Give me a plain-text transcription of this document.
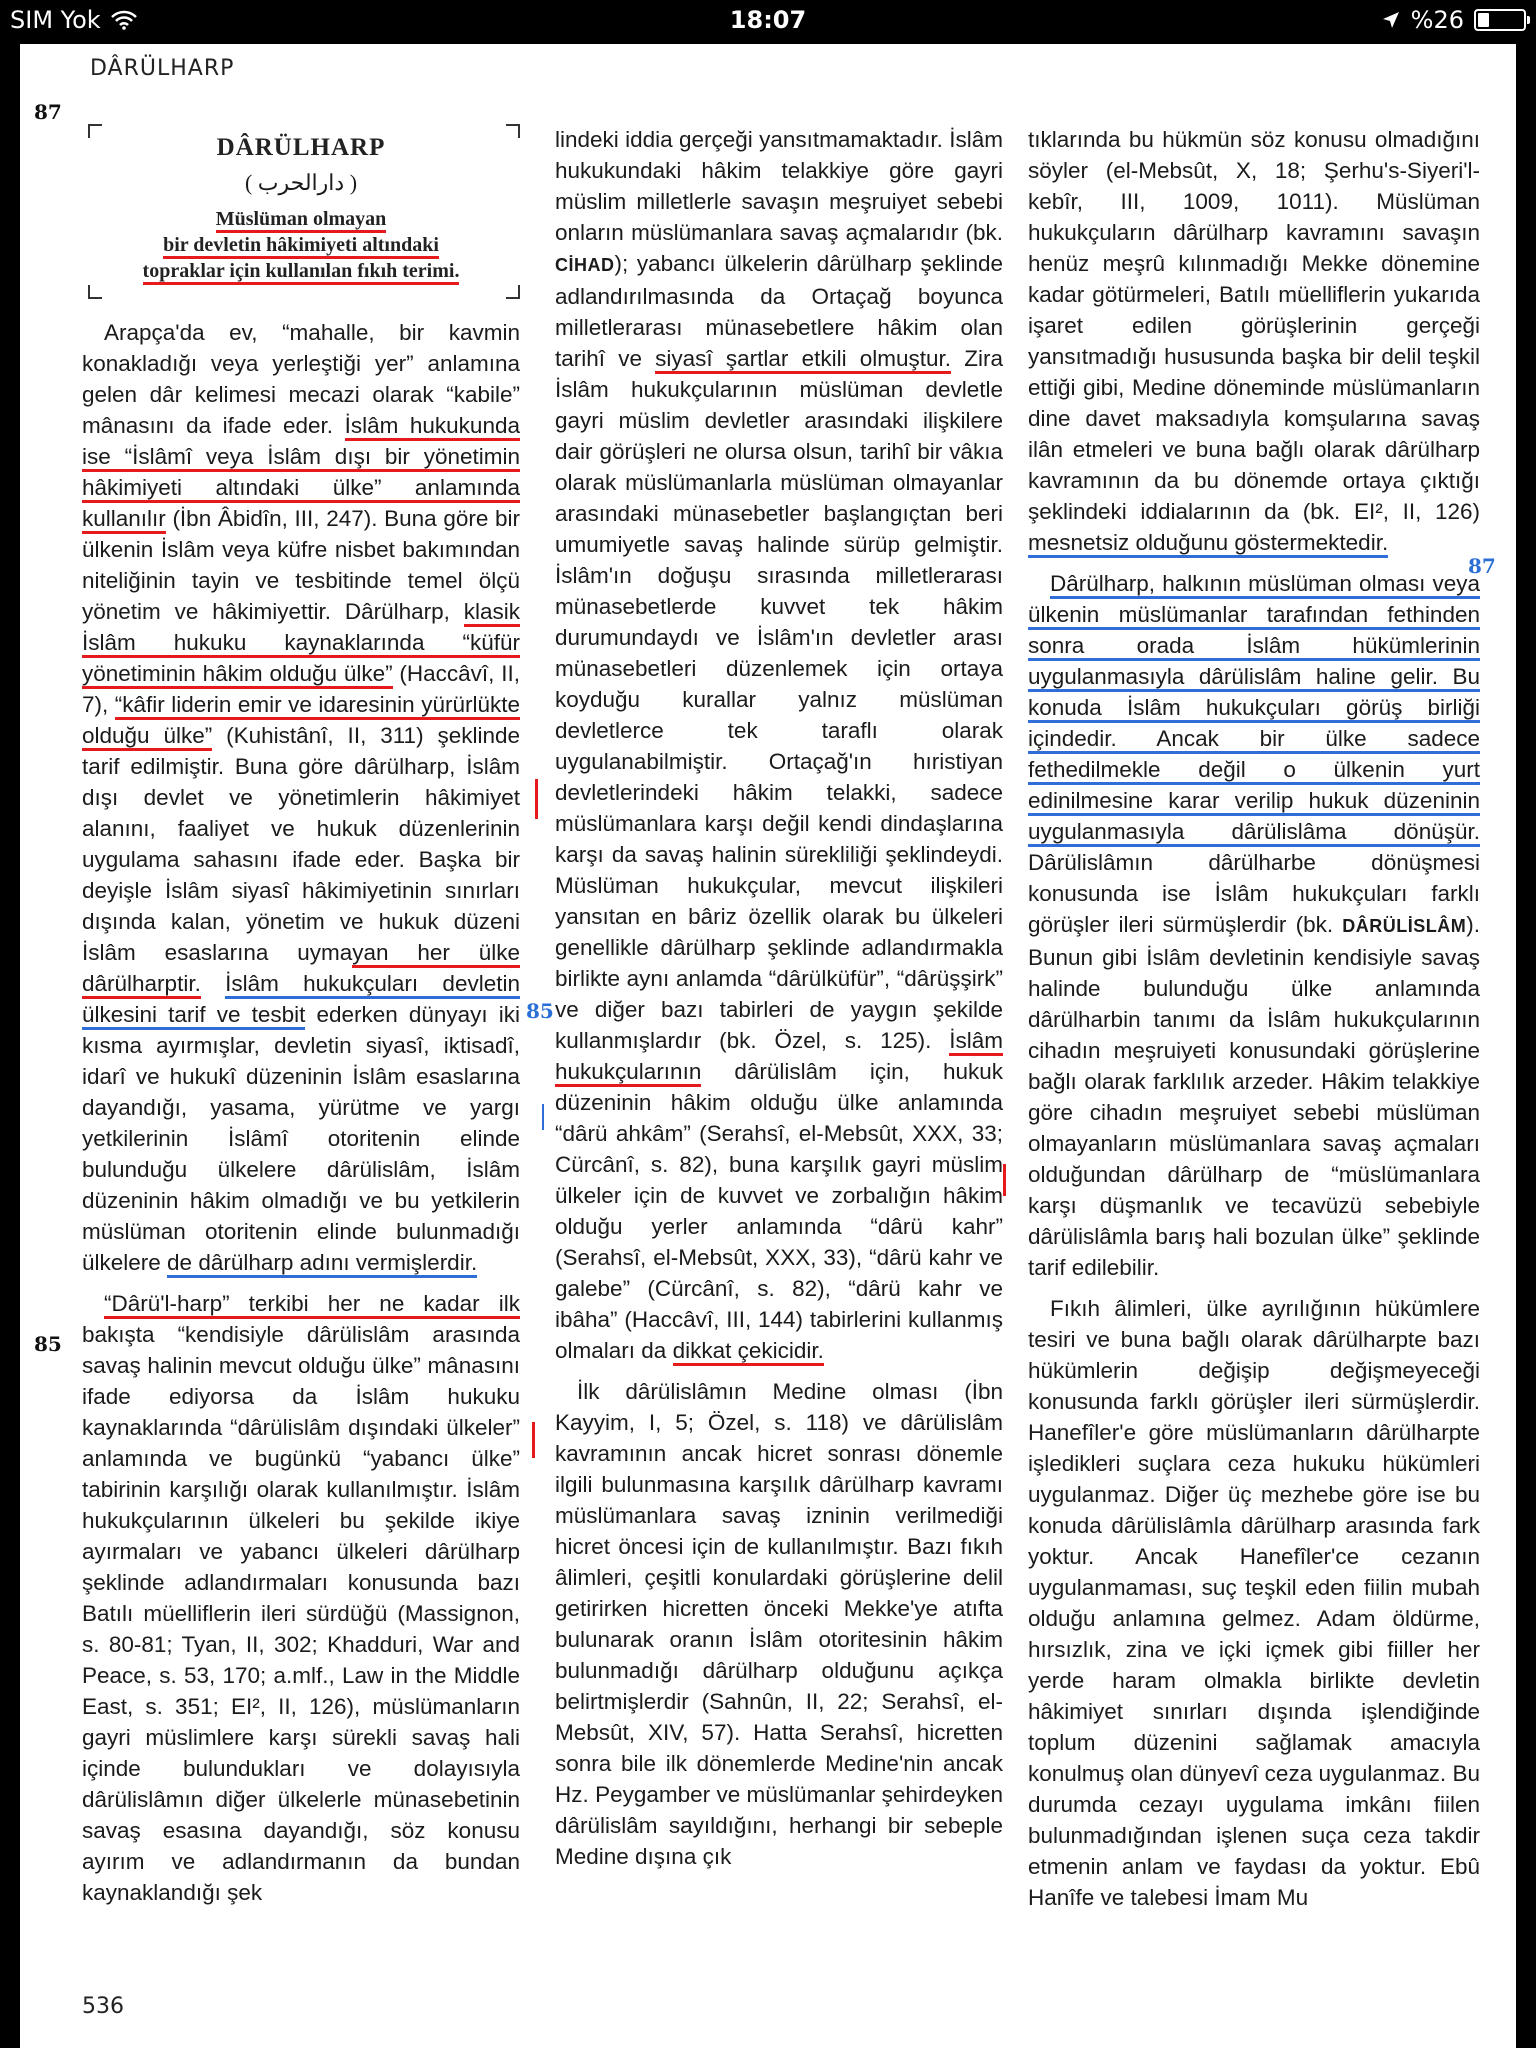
SIM Yok	18:07	%26
DÂRÜLHARP
87
87
85
85
DÂRÜLHARP
( دارالحرب )
Müslüman olmayan
bir devletin hâkimiyeti altındaki
topraklar için kullanılan fıkıh terimi.

Arapça'da ev, “mahalle, bir kavmin konakladığı veya yerleştiği yer” anlamına gelen dâr kelimesi mecazi olarak “kabile” mânasını da ifade eder. İslâm hukukunda ise “İslâmî veya İslâm dışı bir yönetimin hâkimiyeti altındaki ülke” anlamında kullanılır (İbn Âbidîn, III, 247). Buna göre bir ülkenin İslâm veya küfre nisbet bakımından niteliğinin tayin ve tesbitinde temel ölçü yönetim ve hâkimiyettir. Dârülharp, klasik İslâm hukuku kaynaklarında “küfür yönetiminin hâkim olduğu ülke” (Haccâvî, II, 7), “kâfir liderin emir ve idaresinin yürürlükte olduğu ülke” (Kuhistânî, II, 311) şeklinde tarif edilmiştir. Buna göre dârülharp, İslâm dışı devlet ve yönetimlerin hâkimiyet alanını, faaliyet ve hukuk düzenlerinin uygulama sahasını ifade eder. Başka bir deyişle İslâm siyasî hâkimiyetinin sınırları dışında kalan, yönetim ve hukuk düzeni İslâm esaslarına uymayan her ülke dârülharptir. İslâm hukukçuları devletin ülkesini tarif ve tesbit ederken dünyayı iki kısma ayırmışlar, devletin siyasî, iktisadî, idarî ve hukukî düzeninin İslâm esaslarına dayandığı, yasama, yürütme ve yargı yetkilerinin İslâmî otoritenin elinde bulunduğu ülkelere dârülislâm, İslâm düzeninin hâkim olmadığı ve bu yetkilerin müslüman otoritenin elinde bulunmadığı ülkelere de dârülharp adını vermişlerdir.

“Dârü'l-harp” terkibi her ne kadar ilk bakışta “kendisiyle dârülislâm arasında savaş halinin mevcut olduğu ülke” mânasını ifade ediyorsa da İslâm hukuku kaynaklarında “dârülislâm dışındaki ülkeler” anlamında ve bugünkü “yabancı ülke” tabirinin karşılığı olarak kullanılmıştır. İslâm hukukçularının ülkeleri bu şekilde ikiye ayırmaları ve yabancı ülkeleri dârülharp şeklinde adlandırmaları konusunda bazı Batılı müelliflerin ileri sürdüğü (Massignon, s. 80-81; Tyan, II, 302; Khadduri, War and Peace, s. 53, 170; a.mlf., Law in the Middle East, s. 351; EI², II, 126), müslümanların gayri müslimlere karşı sürekli savaş hali içinde bulundukları ve dolayısıyla dârülislâmın diğer ülkelerle münasebetinin savaş esasına dayandığı, söz konusu ayırım ve adlandırmanın da bundan kaynaklandığı şek

lindeki iddia gerçeği yansıtmamaktadır. İslâm hukukundaki hâkim telakkiye göre gayri müslim milletlerle savaşın meşruiyet sebebi onların müslümanlara savaş açmalarıdır (bk. CİHAD); yabancı ülkelerin dârülharp şeklinde adlandırılmasında da Ortaçağ boyunca milletlerarası münasebetlere hâkim olan tarihî ve siyasî şartlar etkili olmuştur. Zira İslâm hukukçularının müslüman devletle gayri müslim devletler arasındaki ilişkilere dair görüşleri ne olursa olsun, tarihî bir vâkıa olarak müslümanlarla müslüman olmayanlar arasındaki münasebetler başlangıçtan beri umumiyetle savaş halinde sürüp gelmiştir. İslâm'ın doğuşu sırasında milletlerarası münasebetlerde kuvvet tek hâkim durumundaydı ve İslâm'ın devletler arası münasebetleri düzenlemek için ortaya koyduğu kurallar yalnız müslüman devletlerce tek taraflı olarak uygulanabilmiştir. Ortaçağ'ın hıristiyan devletlerindeki hâkim telakki, sadece müslümanlara karşı değil kendi dindaşlarına karşı da savaş halinin sürekliliği şeklindeydi. Müslüman hukukçular, mevcut ilişkileri yansıtan en bâriz özellik olarak bu ülkeleri genellikle dârülharp şeklinde adlandırmakla birlikte aynı anlamda “dârülküfür”, “dârüşşirk” ve diğer bazı tabirleri de yaygın şekilde kullanmışlardır (bk. Özel, s. 125). İslâm hukukçularının dârülislâm için, hukuk düzeninin hâkim olduğu ülke anlamında “dârü ahkâm” (Serahsî, el-Mebsût, XXX, 33; Cürcânî, s. 82), buna karşılık gayri müslim ülkeler için de kuvvet ve zorbalığın hâkim olduğu yerler anlamında “dârü kahr” (Serahsî, el-Mebsût, XXX, 33), “dârü kahr ve galebe” (Cürcânî, s. 82), “dârü kahr ve ibâha” (Haccâvî, III, 144) tabirlerini kullanmış olmaları da dikkat çekicidir.

İlk dârülislâmın Medine olması (İbn Kayyim, I, 5; Özel, s. 118) ve dârülislâm kavramının ancak hicret sonrası dönemle ilgili bulunmasına karşılık dârülharp kavramı müslümanlara savaş izninin verilmediği hicret öncesi için de kullanılmıştır. Bazı fıkıh âlimleri, çeşitli konulardaki görüşlerine delil getirirken hicretten önceki Mekke'ye atıfta bulunarak oranın İslâm otoritesinin hâkim bulunmadığı dârülharp olduğunu açıkça belirtmişlerdir (Sahnûn, II, 22; Serahsî, el-Mebsût, XIV, 57). Hatta Serahsî, hicretten sonra bile ilk dönemlerde Medine'nin ancak Hz. Peygamber ve müslümanlar şehirdeyken dârülislâm sayıldığını, herhangi bir sebeple Medine dışına çık

tıklarında bu hükmün söz konusu olmadığını söyler (el-Mebsût, X, 18; Şerhu's-Siyeri'l-kebîr, III, 1009, 1011). Müslüman hukukçuların dârülharp kavramını savaşın henüz meşrû kılınmadığı Mekke dönemine kadar götürmeleri, Batılı müelliflerin yukarıda işaret edilen görüşlerinin gerçeği yansıtmadığı hususunda başka bir delil teşkil ettiği gibi, Medine döneminde müslümanların dine davet maksadıyla komşularına savaş ilân etmeleri ve buna bağlı olarak dârülharp kavramının da bu dönemde ortaya çıktığı şeklindeki iddialarının da (bk. EI², II, 126) mesnetsiz olduğunu göstermektedir.

Dârülharp, halkının müslüman olması veya ülkenin müslümanlar tarafından fethinden sonra orada İslâm hükümlerinin uygulanmasıyla dârülislâm haline gelir. Bu konuda İslâm hukukçuları görüş birliği içindedir. Ancak bir ülke sadece fethedilmekle değil o ülkenin yurt edinilmesine karar verilip hukuk düzeninin uygulanmasıyla dârülislâma dönüşür. Dârülislâmın dârülharbe dönüşmesi konusunda ise İslâm hukukçuları farklı görüşler ileri sürmüşlerdir (bk. DÂRÜLİSLÂM). Bunun gibi İslâm devletinin kendisiyle savaş halinde bulunduğu ülke anlamında dârülharbin tanımı da İslâm hukukçularının cihadın meşruiyeti konusundaki görüşlerine bağlı olarak farklılık arzeder. Hâkim telakkiye göre cihadın meşruiyet sebebi müslüman olmayanların müslümanlara savaş açmaları olduğundan dârülharp de “müslümanlara karşı düşmanlık ve tecavüzü sebebiyle dârülislâmla barış hali bozulan ülke” şeklinde tarif edilebilir.

Fıkıh âlimleri, ülke ayrılığının hükümlere tesiri ve buna bağlı olarak dârülharpte bazı hükümlerin değişip değişmeyeceği konusunda farklı görüşler ileri sürmüşlerdir. Hanefîler'e göre müslümanların dârülharpte işledikleri suçlara ceza hukuku hükümleri uygulanmaz. Diğer üç mezhebe göre ise bu konuda dârülislâmla dârülharp arasında fark yoktur. Ancak Hanefîler'ce cezanın uygulanmaması, suç teşkil eden fiilin mubah olduğu anlamına gelmez. Adam öldürme, hırsızlık, zina ve içki içmek gibi fiiller her yerde haram olmakla birlikte devletin hâkimiyet sınırları dışında işlendiğinde toplum düzenini sağlamak amacıyla konulmuş olan dünyevî ceza uygulanmaz. Bu durumda cezayı uygulama imkânı fiilen bulunmadığından işlenen suça ceza takdir etmenin anlam ve faydası da yoktur. Ebû Hanîfe ve talebesi İmam Mu

536
